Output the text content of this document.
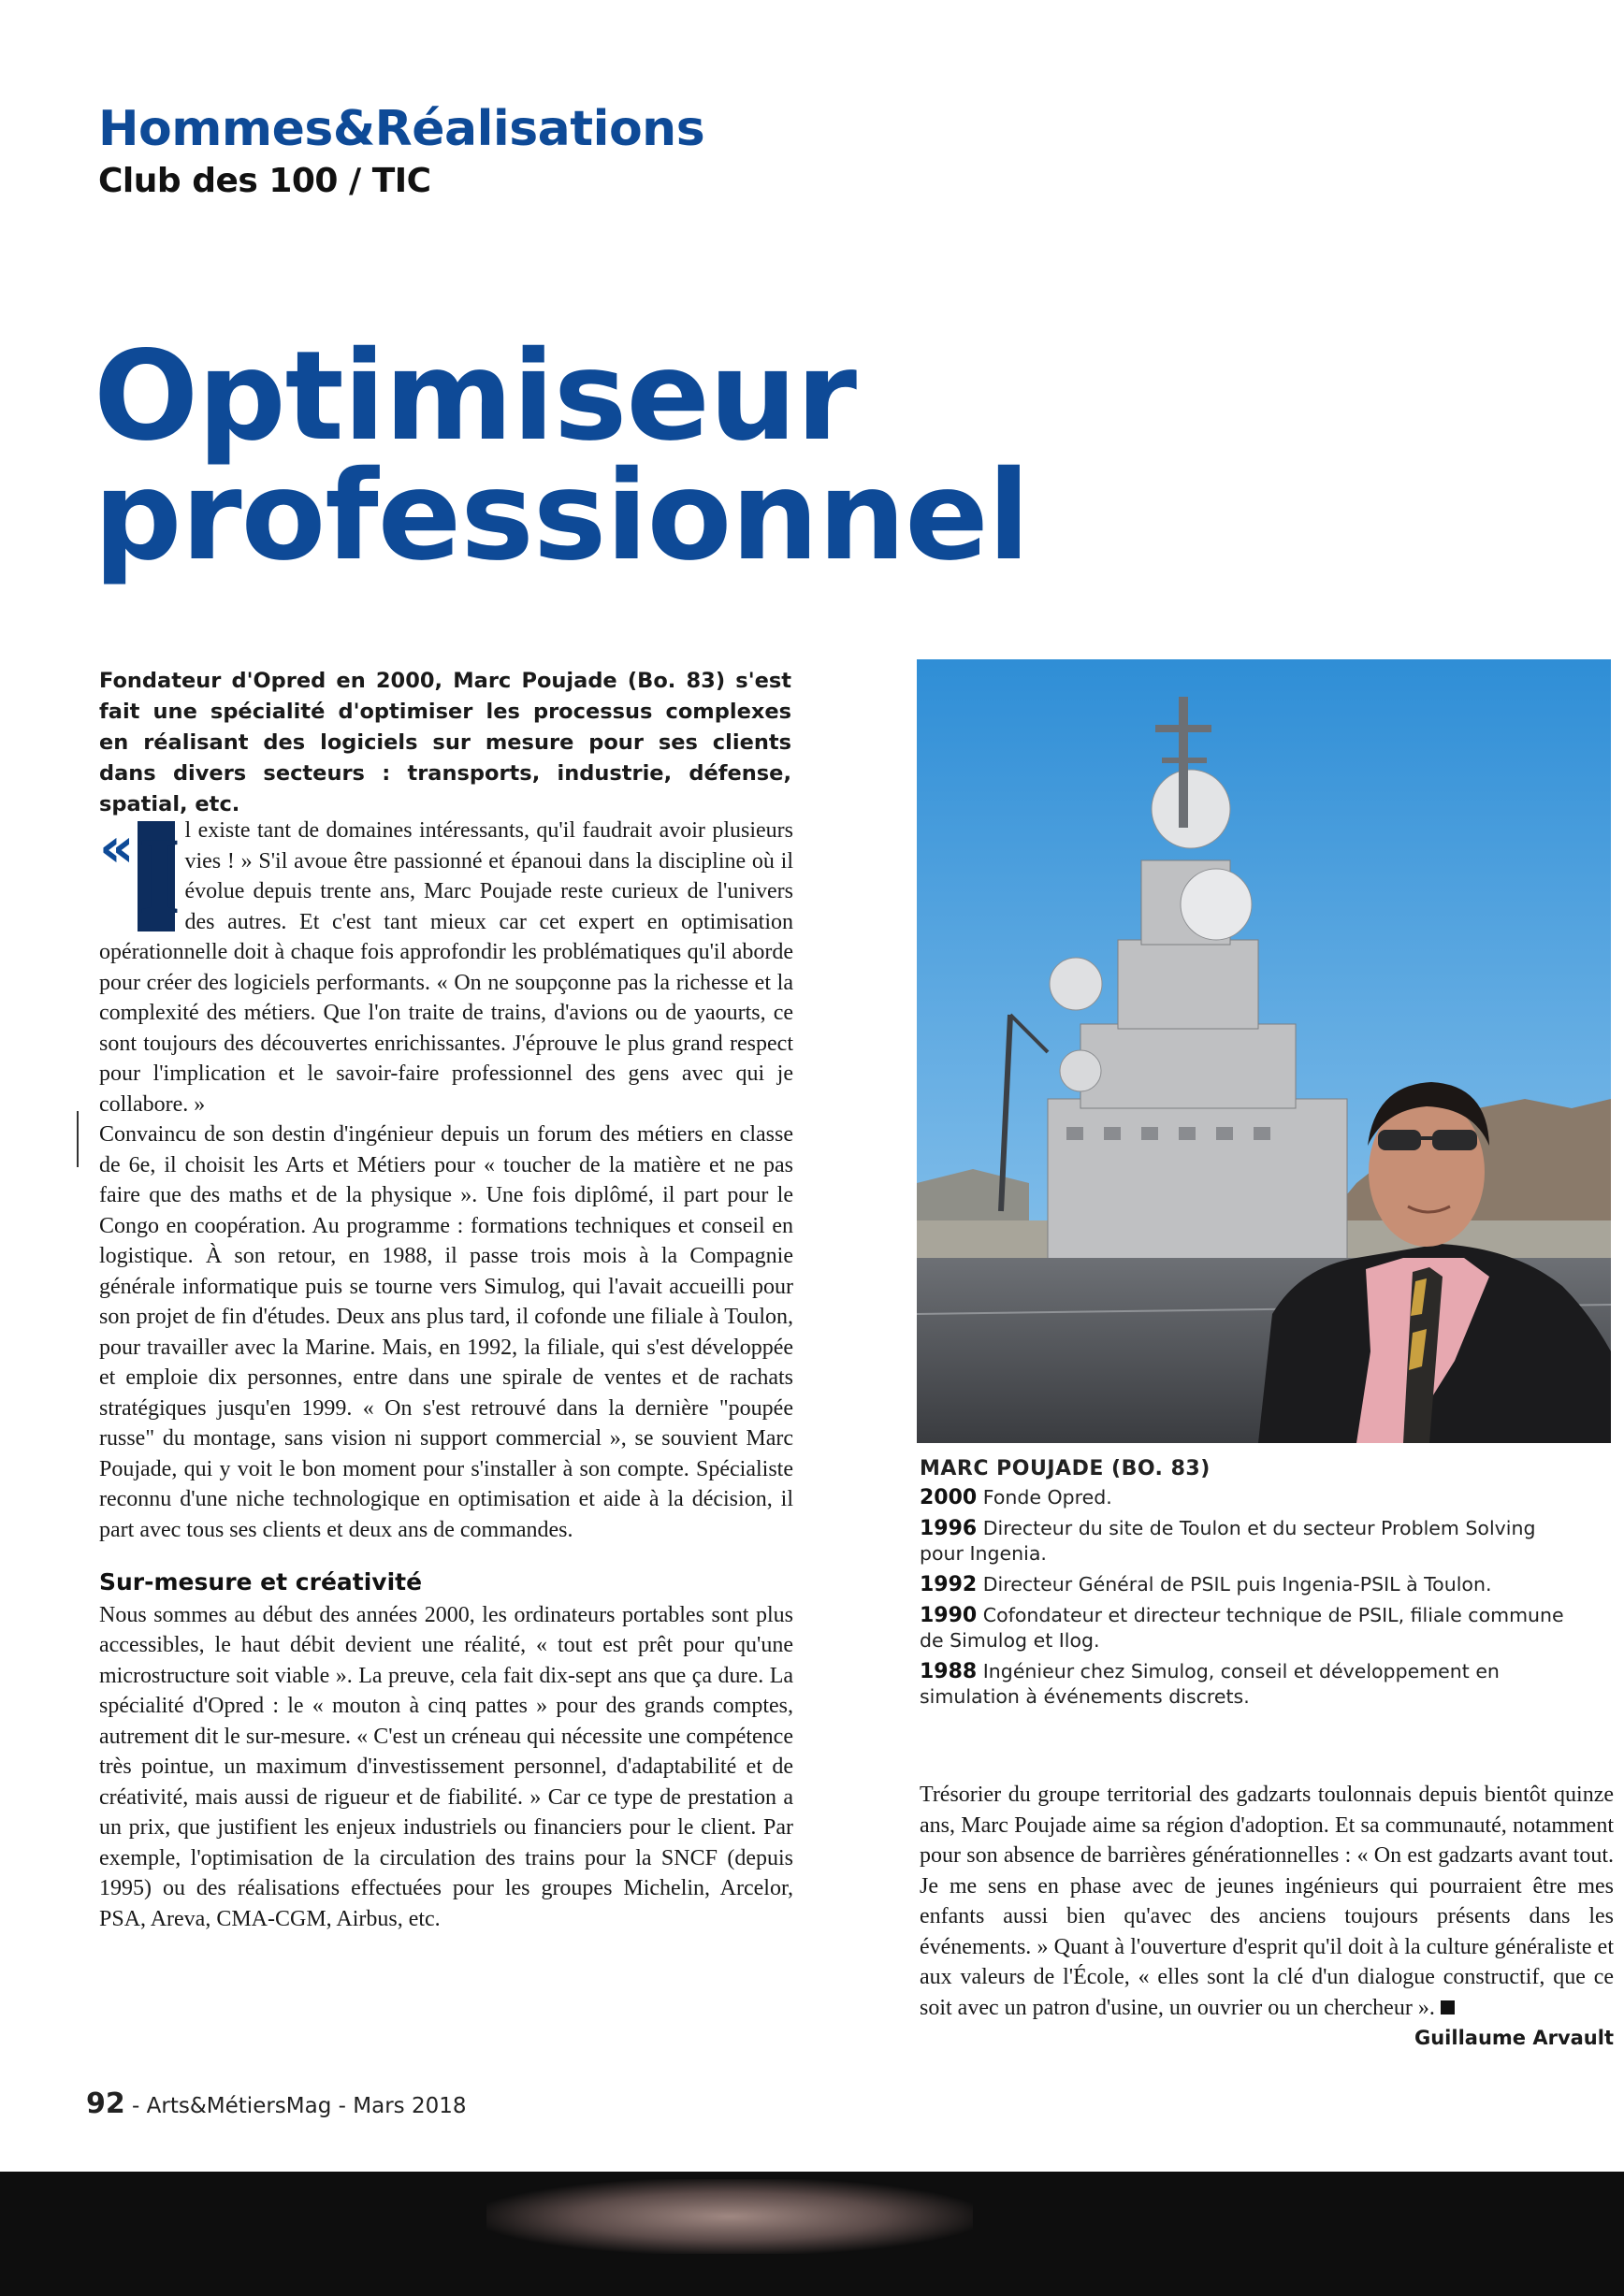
Hommes&Réalisations
Club des 100 / TIC
Optimiseur
professionnel
Fondateur d'Opred en 2000, Marc Poujade (Bo. 83) s'est fait une spécialité d'optimiser les processus complexes en réalisant des logiciels sur mesure pour ses clients dans divers secteurs : transports, industrie, défense, spatial, etc.
« I l existe tant de domaines intéressants, qu'il faudrait avoir plusieurs vies ! » S'il avoue être passionné et épanoui dans la discipline où il évolue depuis trente ans, Marc Poujade reste curieux de l'univers des autres. Et c'est tant mieux car cet expert en optimisation opérationnelle doit à chaque fois approfondir les problématiques qu'il aborde pour créer des logiciels performants. « On ne soupçonne pas la richesse et la complexité des métiers. Que l'on traite de trains, d'avions ou de yaourts, ce sont toujours des découvertes enrichissantes. J'éprouve le plus grand respect pour l'implication et le savoir-faire professionnel des gens avec qui je collabore. »

Convaincu de son destin d'ingénieur depuis un forum des métiers en classe de 6e, il choisit les Arts et Métiers pour « toucher de la matière et ne pas faire que des maths et de la physique ». Une fois diplômé, il part pour le Congo en coopération. Au programme : formations techniques et conseil en logistique. À son retour, en 1988, il passe trois mois à la Compagnie générale informatique puis se tourne vers Simulog, qui l'avait accueilli pour son projet de fin d'études. Deux ans plus tard, il cofonde une filiale à Toulon, pour travailler avec la Marine. Mais, en 1992, la filiale, qui s'est développée et emploie dix personnes, entre dans une spirale de ventes et de rachats stratégiques jusqu'en 1999. « On s'est retrouvé dans la dernière "poupée russe" du montage, sans vision ni support commercial », se souvient Marc Poujade, qui y voit le bon moment pour s'installer à son compte. Spécialiste reconnu d'une niche technologique en optimisation et aide à la décision, il part avec tous ses clients et deux ans de commandes.

Sur-mesure et créativité

Nous sommes au début des années 2000, les ordinateurs portables sont plus accessibles, le haut débit devient une réalité, « tout est prêt pour qu'une microstructure soit viable ». La preuve, cela fait dix-sept ans que ça dure. La spécialité d'Opred : le « mouton à cinq pattes » pour des grands comptes, autrement dit le sur-mesure. « C'est un créneau qui nécessite une compétence très pointue, un maximum d'investissement personnel, d'adaptabilité et de créativité, mais aussi de rigueur et de fiabilité. » Car ce type de prestation a un prix, que justifient les enjeux industriels ou financiers pour le client. Par exemple, l'optimisation de la circulation des trains pour la SNCF (depuis 1995) ou des réalisations effectuées pour les groupes Michelin, Arcelor, PSA, Areva, CMA-CGM, Airbus, etc.

MARC POUJADE (BO. 83)
2000 Fonde Opred.
1996 Directeur du site de Toulon et du secteur Problem Solving pour Ingenia.
1992 Directeur Général de PSIL puis Ingenia-PSIL à Toulon.
1990 Cofondateur et directeur technique de PSIL, filiale commune de Simulog et Ilog.
1988 Ingénieur chez Simulog, conseil et développement en simulation à événements discrets.

Trésorier du groupe territorial des gadzarts toulonnais depuis bientôt quinze ans, Marc Poujade aime sa région d'adoption. Et sa communauté, notamment pour son absence de barrières générationnelles : « On est gadzarts avant tout. Je me sens en phase avec de jeunes ingénieurs qui pourraient être mes enfants aussi bien qu'avec des anciens toujours présents dans les événements. » Quant à l'ouverture d'esprit qu'il doit à la culture généraliste et aux valeurs de l'École, « elles sont la clé d'un dialogue constructif, que ce soit avec un patron d'usine, un ouvrier ou un chercheur ».
Guillaume Arvault

92 - Arts&MétiersMag - Mars 2018
